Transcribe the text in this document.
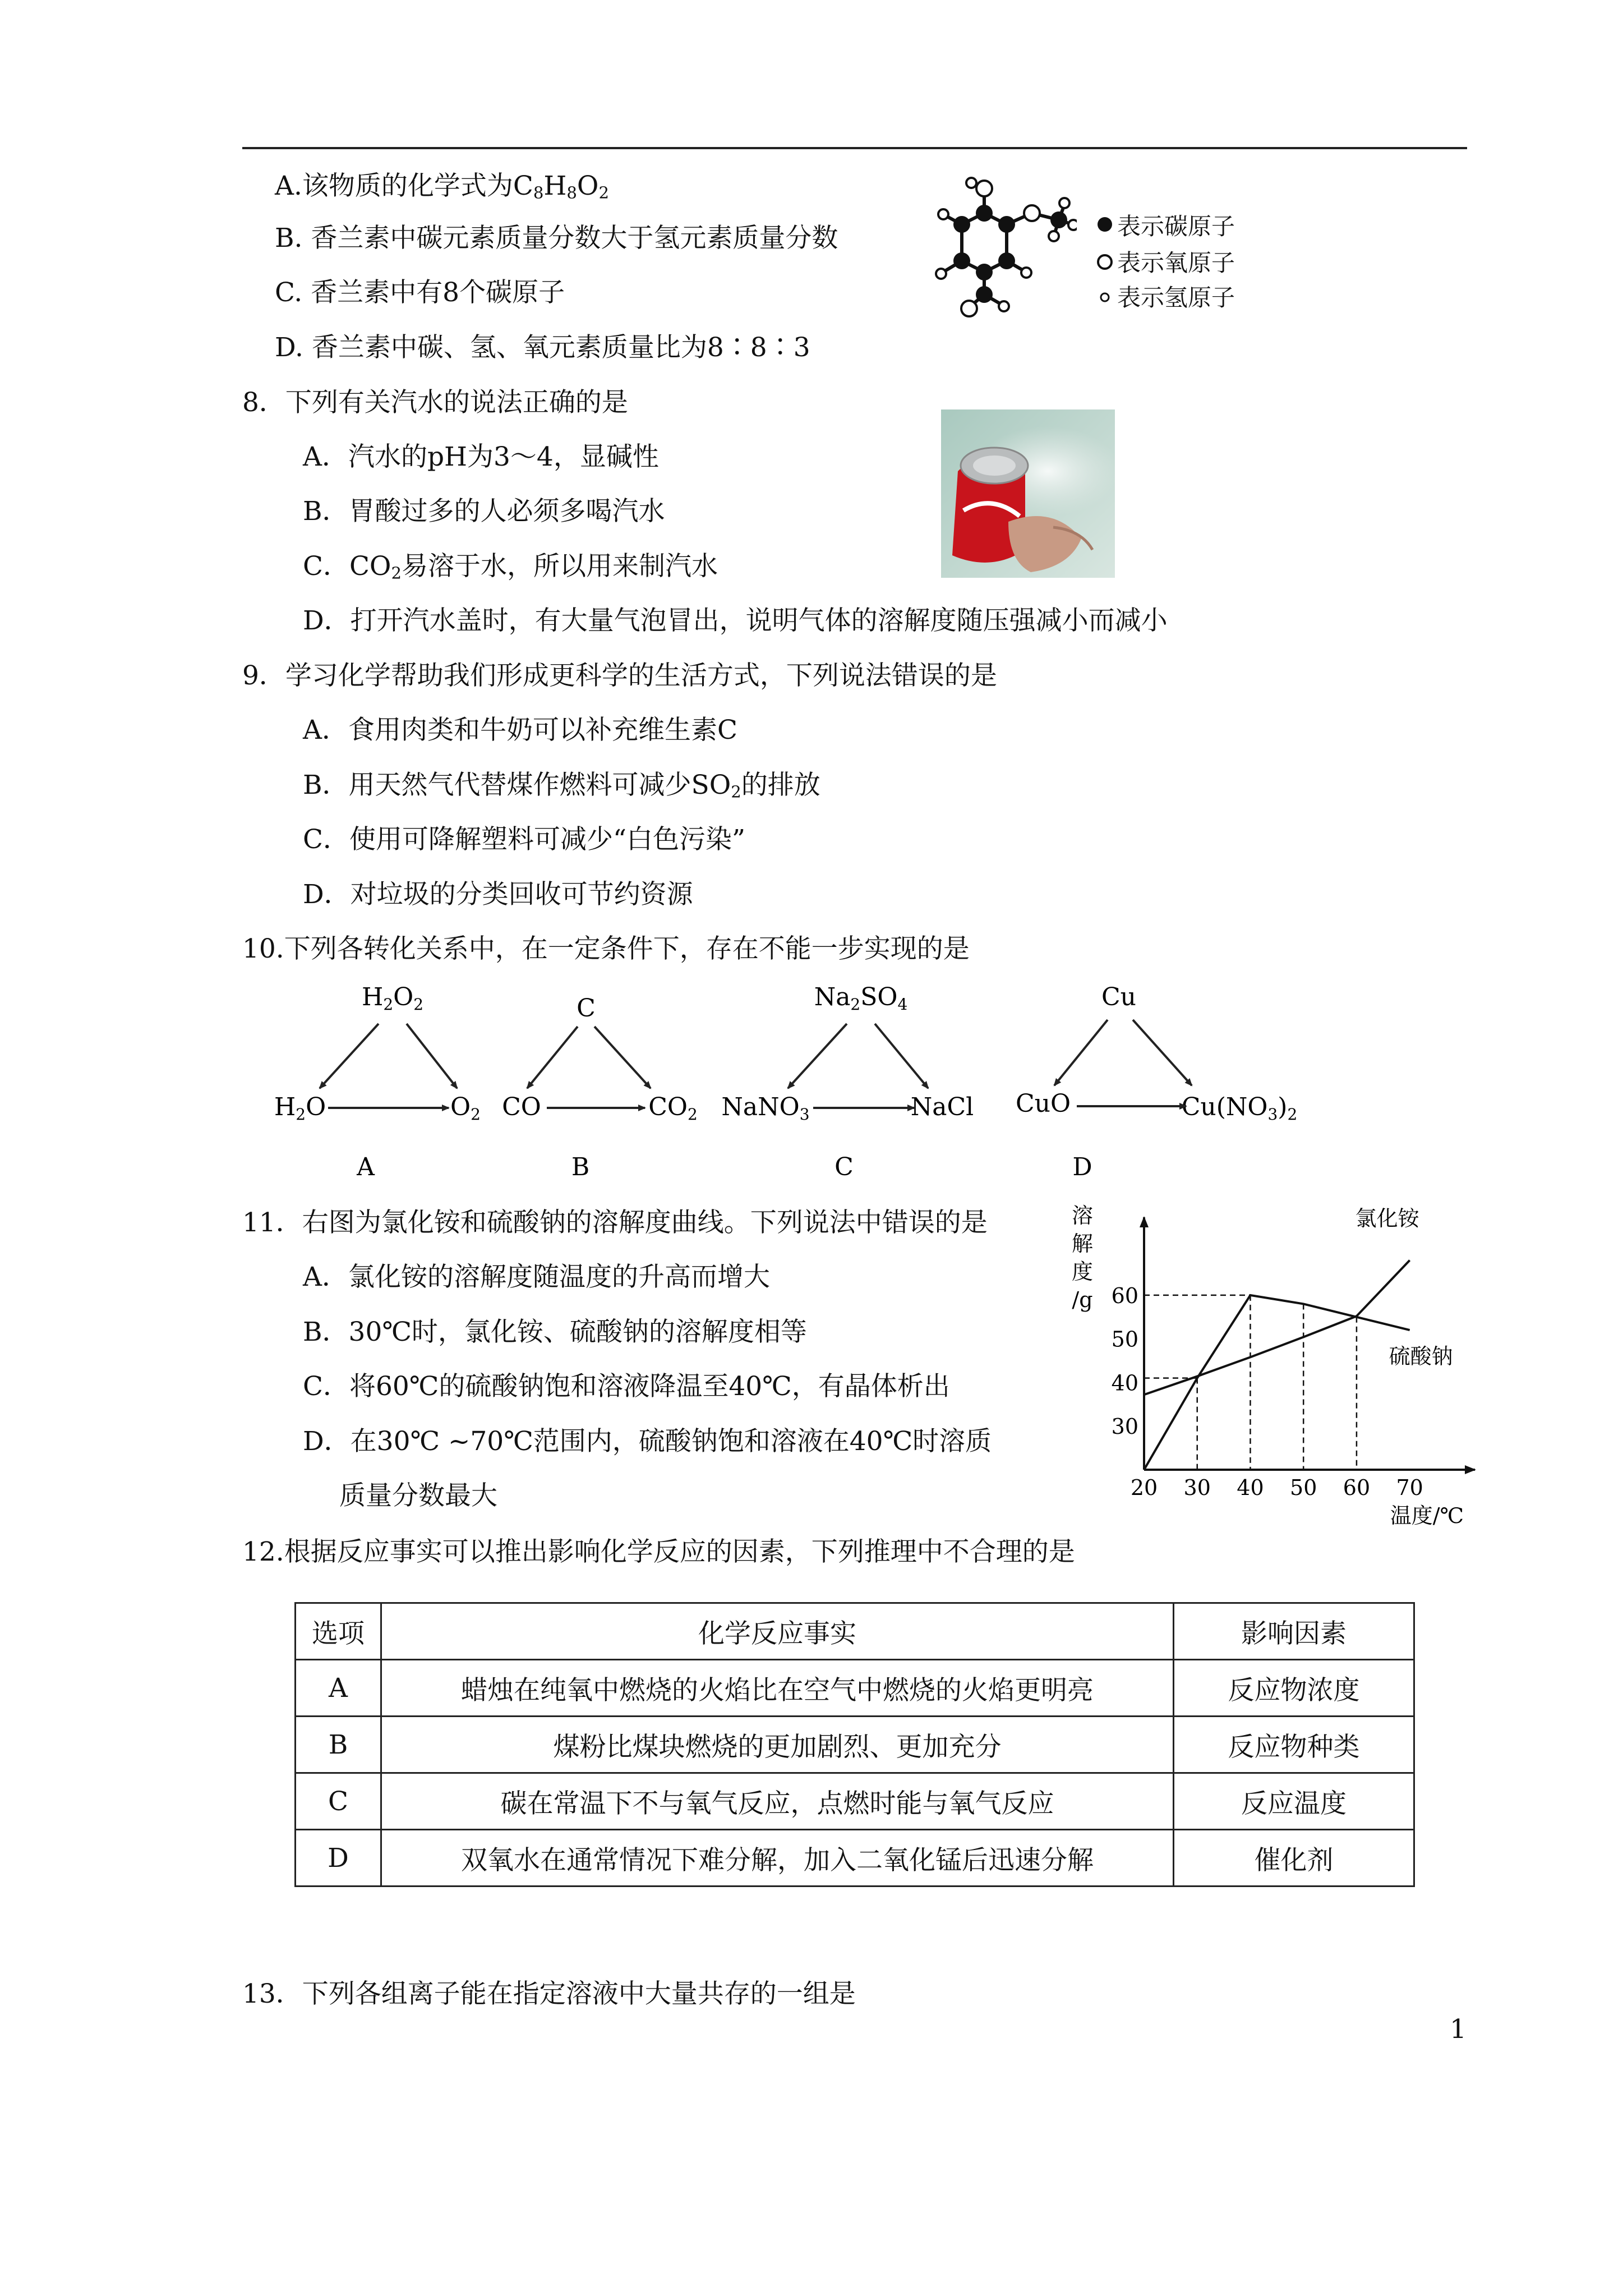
A.该物质的化学式为$C_8H_8O_2$
B. 香兰素中碳元素质量分数大于氢元素质量分数
C. 香兰素中有8个碳原子
D. 香兰素中碳、氢、氧元素质量比为8∶8∶3
表示碳原子
表示氧原子
表示氢原子
8．下列有关汽水的说法正确的是
A．汽水的pH为3～4，显碱性
B．胃酸过多的人必须多喝汽水
C．$CO_2$易溶于水，所以用来制汽水
D．打开汽水盖时，有大量气泡冒出，说明气体的溶解度随压强减小而减小
9．学习化学帮助我们形成更科学的生活方式，下列说法错误的是
A．食用肉类和牛奶可以补充维生素C
B．用天然气代替煤作燃料可减少$SO_2$的排放
C．使用可降解塑料可减少“白色污染”
D．对垃圾的分类回收可节约资源
10.下列各转化关系中，在一定条件下，存在不能一步实现的是
H2O2
H2O	O2
A
C
CO	CO2
B
Na2SO4
NaNO3	NaCl
C
Cu
CuO	Cu(NO3)2
D
11．右图为氯化铵和硫酸钠的溶解度曲线。下列说法中错误的是
A．氯化铵的溶解度随温度的升高而增大
B．30℃时，氯化铵、硫酸钠的溶解度相等
C．将60℃的硫酸钠饱和溶液降温至40℃，有晶体析出
D．在30℃ ~70℃范围内，硫酸钠饱和溶液在40℃时溶质
质量分数最大	20 30 40 50 60 70
30
40
50
60
溶
解
度
/g
温度/℃
氯化铵
硫酸钠
12.根据反应事实可以推出影响化学反应的因素，下列推理中不合理的是
选项	化学反应事实	影响因素
A	蜡烛在纯氧中燃烧的火焰比在空气中燃烧的火焰更明亮	反应物浓度
B	煤粉比煤块燃烧的更加剧烈、更加充分	反应物种类
C	碳在常温下不与氧气反应，点燃时能与氧气反应	反应温度
D	双氧水在通常情况下难分解，加入二氧化锰后迅速分解	催化剂
13．下列各组离子能在指定溶液中大量共存的一组是
1
